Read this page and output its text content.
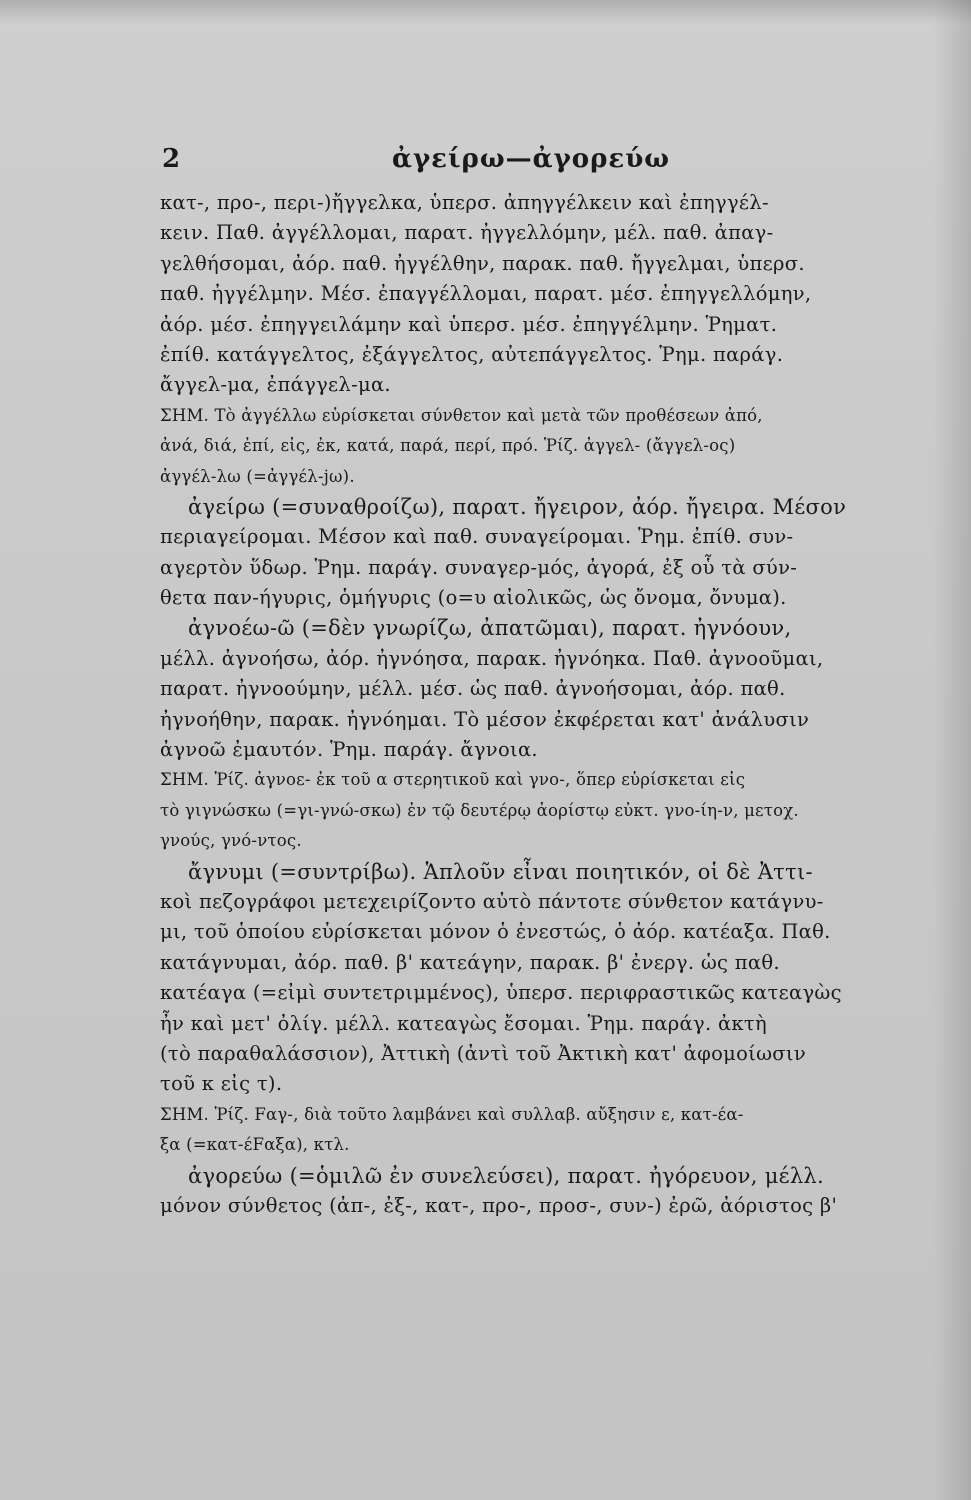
2	ἀγείρω—ἀγορεύω
κατ-, προ-, περι-)ἤγγελκα, ὑπερσ. ἀπηγγέλκειν καὶ ἐπηγγέλ-
κειν. Παθ. ἀγγέλλομαι, παρατ. ἠγγελλόμην, μέλ. παθ. ἀπαγ-
γελθήσομαι, ἀόρ. παθ. ἠγγέλθην, παρακ. παθ. ἤγγελμαι, ὑπερσ.
παθ. ἠγγέλμην. Μέσ. ἐπαγγέλλομαι, παρατ. μέσ. ἐπηγγελλόμην,
ἀόρ. μέσ. ἐπηγγειλάμην καὶ ὑπερσ. μέσ. ἐπηγγέλμην. Ῥηματ.
ἐπίθ. κατάγγελτος, ἐξάγγελτος, αὐτεπάγγελτος. Ῥημ. παράγ.
ἄγγελ-μα, ἐπάγγελ-μα.
ΣΗΜ. Τὸ ἀγγέλλω εὑρίσκεται σύνθετον καὶ μετὰ τῶν προθέσεων ἀπό,
ἀνά, διά, ἐπί, εἰς, ἐκ, κατά, παρά, περί, πρό. Ῥίζ. ἀγγελ- (ἄγγελ-ος)
ἀγγέλ-λω (=ἀγγέλ-jω).
ἀγείρω (=συναθροίζω), παρατ. ἤγειρον, ἀόρ. ἤγειρα. Μέσον
περιαγείρομαι. Μέσον καὶ παθ. συναγείρομαι. Ῥημ. ἐπίθ. συν-
αγερτὸν ὕδωρ. Ῥημ. παράγ. συναγερ-μός, ἀγορά, ἐξ οὗ τὰ σύν-
θετα παν-ήγυρις, ὁμήγυρις (ο=υ αἰολικῶς, ὡς ὄνομα, ὄνυμα).
ἀγνοέω-ῶ (=δὲν γνωρίζω, ἀπατῶμαι), παρατ. ἠγνόουν,
μέλλ. ἀγνοήσω, ἀόρ. ἠγνόησα, παρακ. ἠγνόηκα. Παθ. ἀγνοοῦμαι,
παρατ. ἠγνοούμην, μέλλ. μέσ. ὡς παθ. ἀγνοήσομαι, ἀόρ. παθ.
ἠγνοήθην, παρακ. ἠγνόημαι. Τὸ μέσον ἐκφέρεται κατ' ἀνάλυσιν
ἀγνοῶ ἐμαυτόν. Ῥημ. παράγ. ἄγνοια.
ΣΗΜ. Ῥίζ. ἀγνοε- ἐκ τοῦ α στερητικοῦ καὶ γνο-, ὅπερ εὑρίσκεται εἰς
τὸ γιγνώσκω (=γι-γνώ-σκω) ἐν τῷ δευτέρῳ ἀορίστῳ εὐκτ. γνο-ίη-ν, μετοχ.
γνούς, γνό-ντος.
ἄγνυμι (=συντρίβω). Ἁπλοῦν εἶναι ποιητικόν, οἱ δὲ Ἀττι-
κοὶ πεζογράφοι μετεχειρίζοντο αὐτὸ πάντοτε σύνθετον κατάγνυ-
μι, τοῦ ὁποίου εὑρίσκεται μόνον ὁ ἐνεστώς, ὁ ἀόρ. κατέαξα. Παθ.
κατάγνυμαι, ἀόρ. παθ. β' κατεάγην, παρακ. β' ἐνεργ. ὡς παθ.
κατέαγα (=εἰμὶ συντετριμμένος), ὑπερσ. περιφραστικῶς κατεαγὼς
ἦν καὶ μετ' ὀλίγ. μέλλ. κατεαγὼς ἔσομαι. Ῥημ. παράγ. ἀκτὴ
(τὸ παραθαλάσσιον), Ἀττικὴ (ἀντὶ τοῦ Ἀκτικὴ κατ' ἀφομοίωσιν
τοῦ κ εἰς τ).
ΣΗΜ. Ῥίζ. Fαγ-, διὰ τοῦτο λαμβάνει καὶ συλλαβ. αὔξησιν ε, κατ-έα-
ξα (=κατ-έFαξα), κτλ.
ἀγορεύω (=ὁμιλῶ ἐν συνελεύσει), παρατ. ἠγόρευον, μέλλ.
μόνον σύνθετος (ἀπ-, ἐξ-, κατ-, προ-, προσ-, συν-) ἐρῶ, ἀόριστος β'
